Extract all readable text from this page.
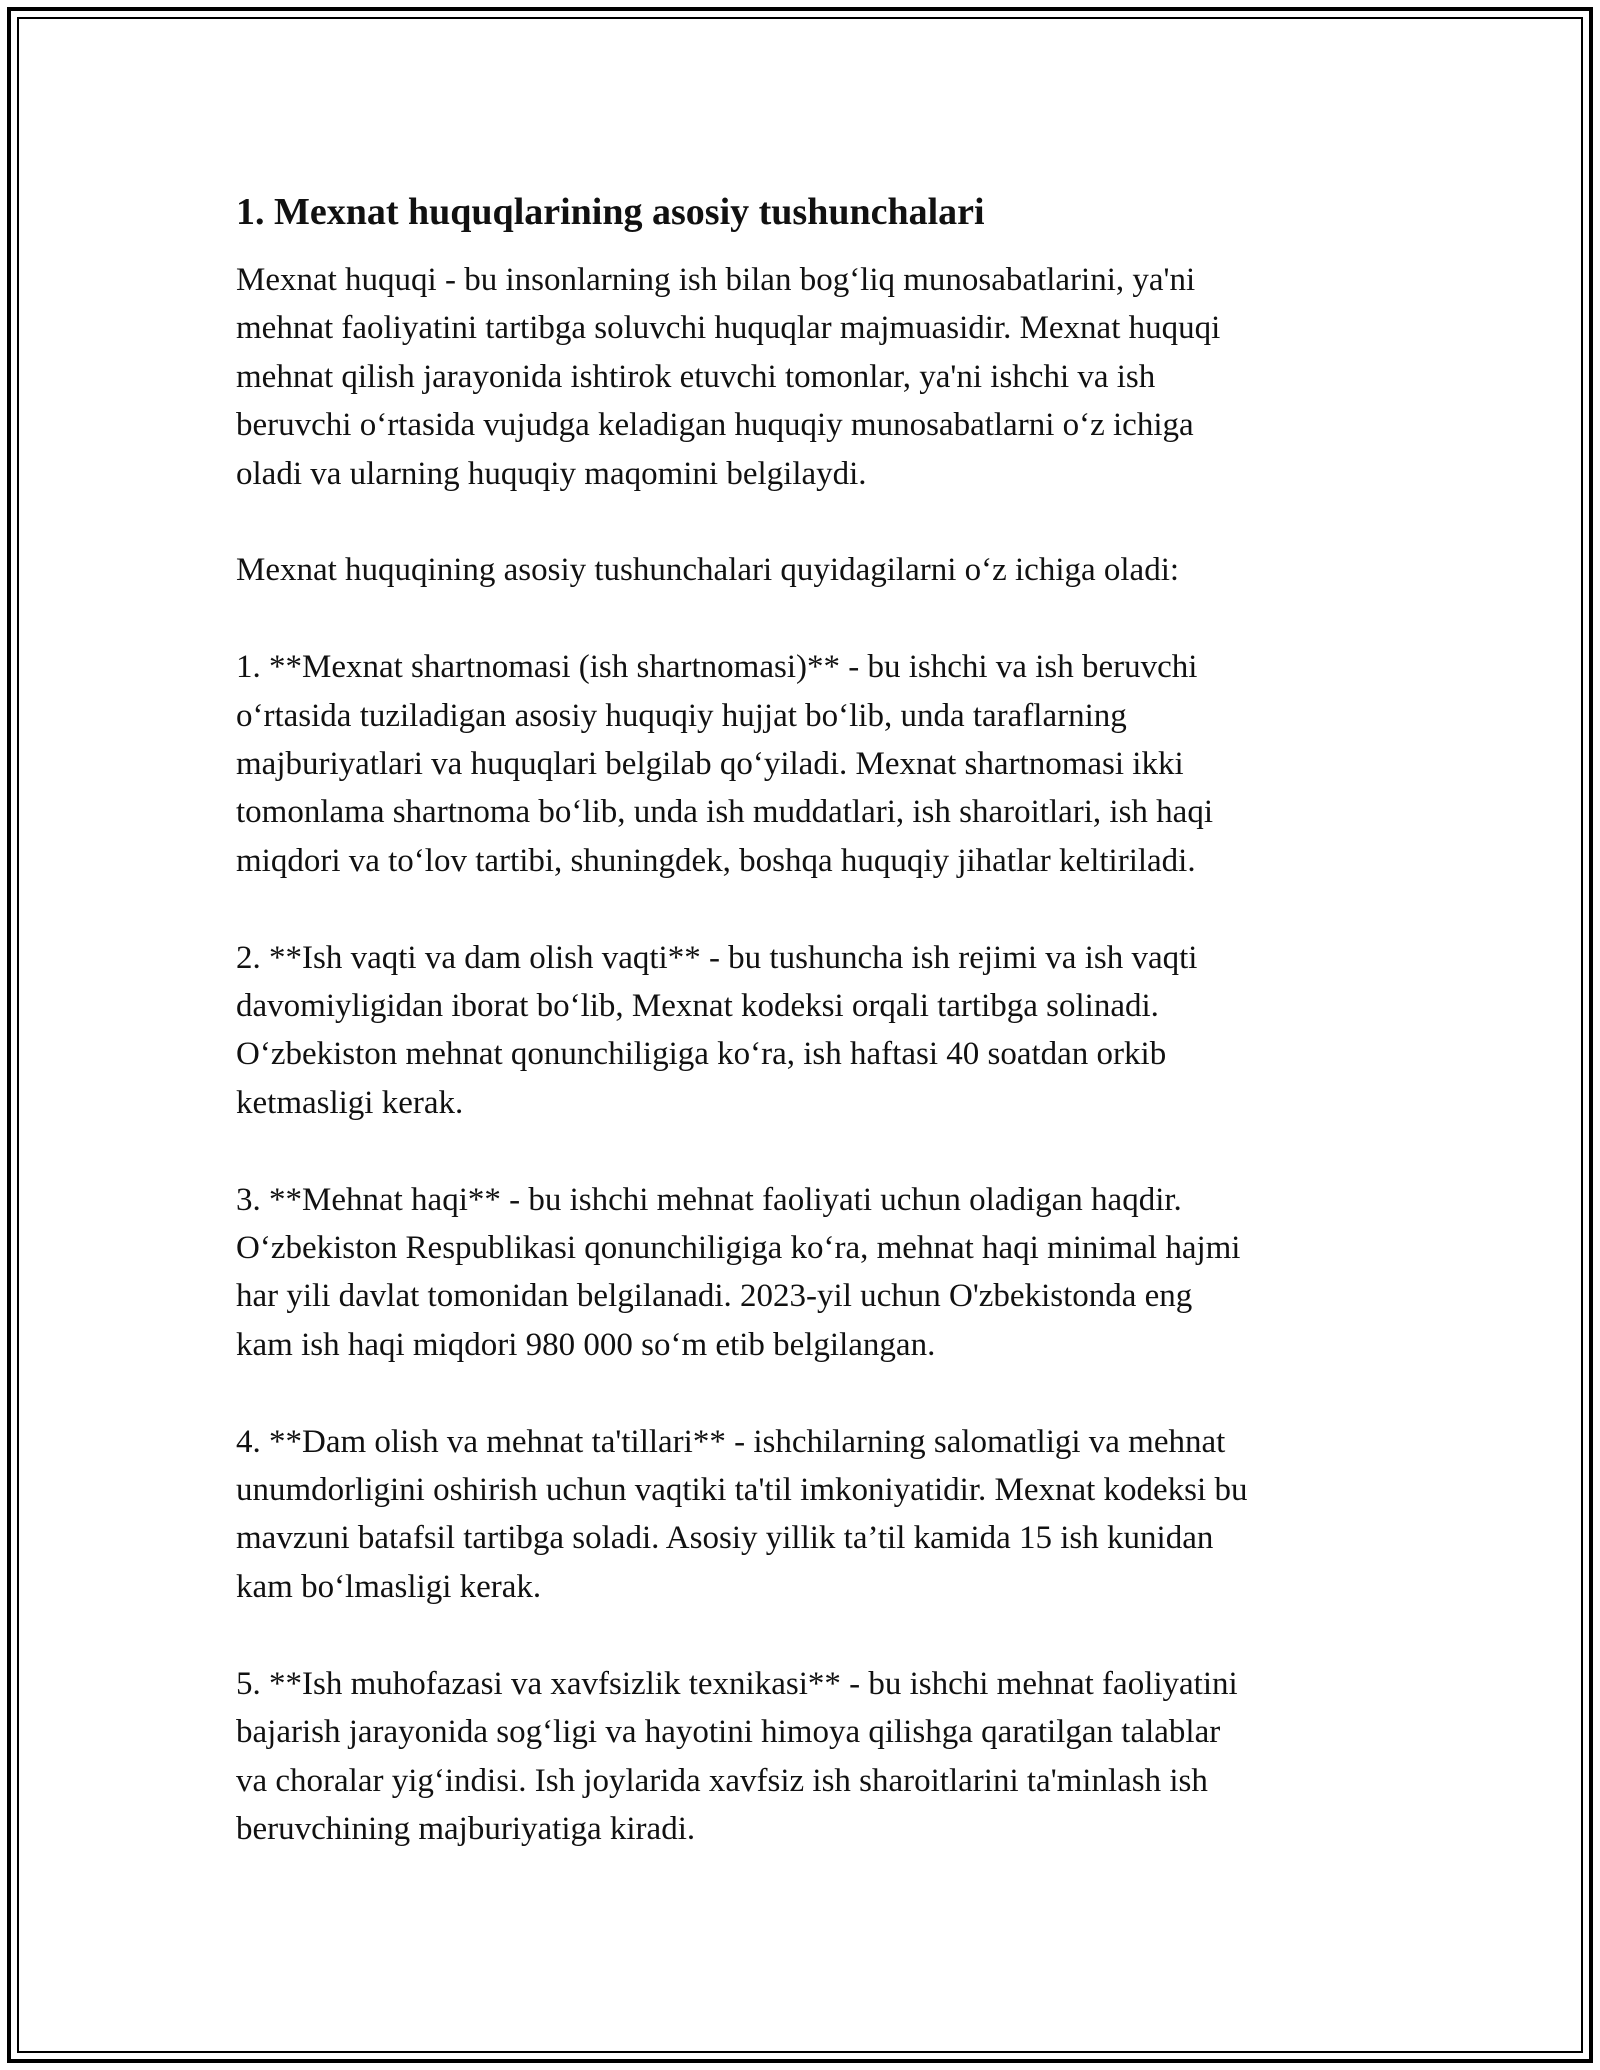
1. Mexnat huquqlarining asosiy tushunchalari

Mexnat huquqi - bu insonlarning ish bilan bog‘liq munosabatlarini, ya'ni
mehnat faoliyatini tartibga soluvchi huquqlar majmuasidir. Mexnat huquqi
mehnat qilish jarayonida ishtirok etuvchi tomonlar, ya'ni ishchi va ish
beruvchi o‘rtasida vujudga keladigan huquqiy munosabatlarni o‘z ichiga
oladi va ularning huquqiy maqomini belgilaydi.

Mexnat huquqining asosiy tushunchalari quyidagilarni o‘z ichiga oladi:

1. **Mexnat shartnomasi (ish shartnomasi)** - bu ishchi va ish beruvchi
o‘rtasida tuziladigan asosiy huquqiy hujjat bo‘lib, unda taraflarning
majburiyatlari va huquqlari belgilab qo‘yiladi. Mexnat shartnomasi ikki
tomonlama shartnoma bo‘lib, unda ish muddatlari, ish sharoitlari, ish haqi
miqdori va to‘lov tartibi, shuningdek, boshqa huquqiy jihatlar keltiriladi.

2. **Ish vaqti va dam olish vaqti** - bu tushuncha ish rejimi va ish vaqti
davomiyligidan iborat bo‘lib, Mexnat kodeksi orqali tartibga solinadi.
O‘zbekiston mehnat qonunchiligiga ko‘ra, ish haftasi 40 soatdan orkib
ketmasligi kerak.

3. **Mehnat haqi** - bu ishchi mehnat faoliyati uchun oladigan haqdir.
O‘zbekiston Respublikasi qonunchiligiga ko‘ra, mehnat haqi minimal hajmi
har yili davlat tomonidan belgilanadi. 2023-yil uchun O'zbekistonda eng
kam ish haqi miqdori 980 000 so‘m etib belgilangan.

4. **Dam olish va mehnat ta'tillari** - ishchilarning salomatligi va mehnat
unumdorligini oshirish uchun vaqtiki ta'til imkoniyatidir. Mexnat kodeksi bu
mavzuni batafsil tartibga soladi. Asosiy yillik ta’til kamida 15 ish kunidan
kam bo‘lmasligi kerak.

5. **Ish muhofazasi va xavfsizlik texnikasi** - bu ishchi mehnat faoliyatini
bajarish jarayonida sog‘ligi va hayotini himoya qilishga qaratilgan talablar
va choralar yig‘indisi. Ish joylarida xavfsiz ish sharoitlarini ta'minlash ish
beruvchining majburiyatiga kiradi.
